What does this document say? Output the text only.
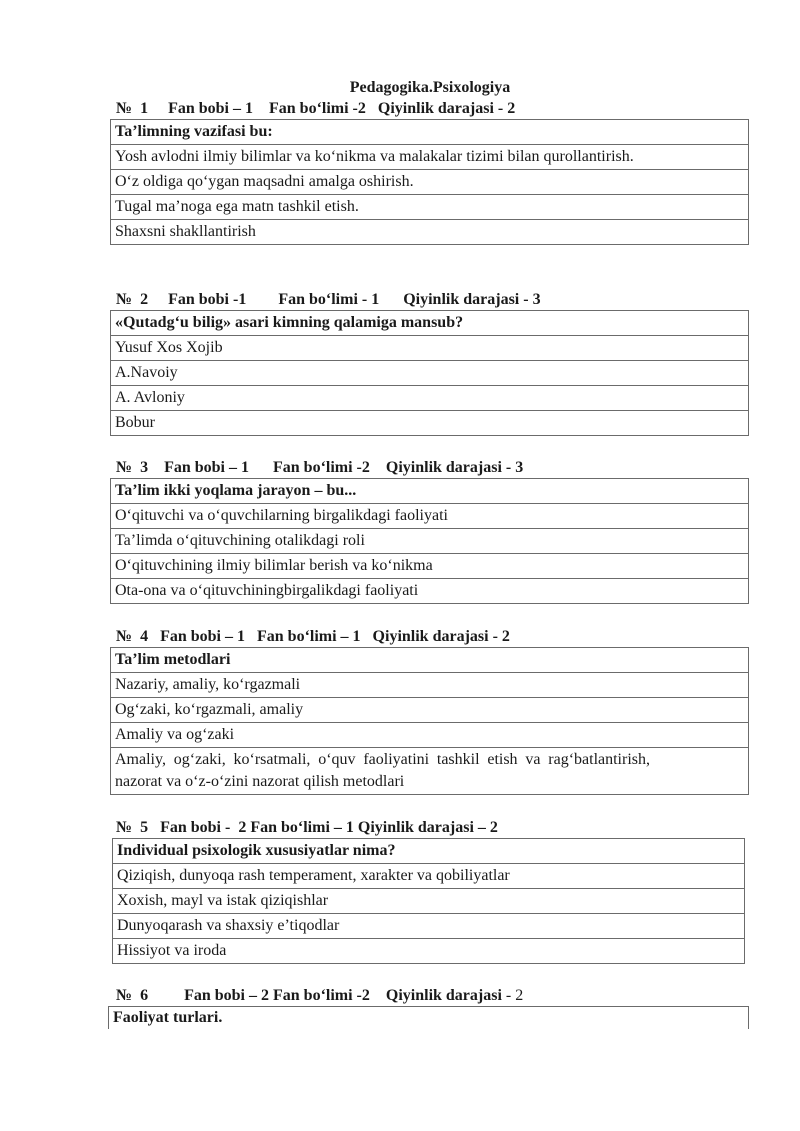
Pedagogika.Psixologiya
№  1     Fan bobi – 1    Fan bo‘limi -2   Qiyinlik darajasi - 2
Ta’limning vazifasi bu:
Yosh avlodni ilmiy bilimlar va ko‘nikma va malakalar tizimi bilan qurollantirish.
O‘z oldiga qo‘ygan maqsadni amalga oshirish.
Tugal ma’noga ega matn tashkil etish.
Shaxsni shakllantirish
№  2     Fan bobi -1        Fan bo‘limi - 1      Qiyinlik darajasi - 3
«Qutadg‘u bilig» asari kimning qalamiga mansub?
Yusuf Xos Xojib
A.Navoiy
A. Avloniy
Bobur
№  3    Fan bobi – 1      Fan bo‘limi -2    Qiyinlik darajasi - 3
Ta’lim ikki yoqlama jarayon – bu...
O‘qituvchi va o‘quvchilarning birgalikdagi faoliyati
Ta’limda o‘qituvchining otalikdagi roli
O‘qituvchining ilmiy bilimlar berish va ko‘nikma
Ota-ona va o‘qituvchiningbirgalikdagi faoliyati
№  4   Fan bobi – 1   Fan bo‘limi – 1   Qiyinlik darajasi - 2
Ta’lim metodlari
Nazariy, amaliy, ko‘rgazmali
Og‘zaki, ko‘rgazmali, amaliy
Amaliy va og‘zaki
Amaliy, og‘zaki, ko‘rsatmali, o‘quv faoliyatini tashkil etish va rag‘batlantirish, nazorat va o‘z-o‘zini nazorat qilish metodlari
№  5   Fan bobi -  2 Fan bo‘limi – 1 Qiyinlik darajasi – 2
Individual psixologik xususiyatlar nima?
Qiziqish, dunyoqa rash temperament, xarakter va qobiliyatlar
Xoxish, mayl va istak qiziqishlar
Dunyoqarash va shaxsiy e’tiqodlar
Hissiyot va iroda
№  6         Fan bobi – 2 Fan bo‘limi -2    Qiyinlik darajasi - 2
Faoliyat turlari.
